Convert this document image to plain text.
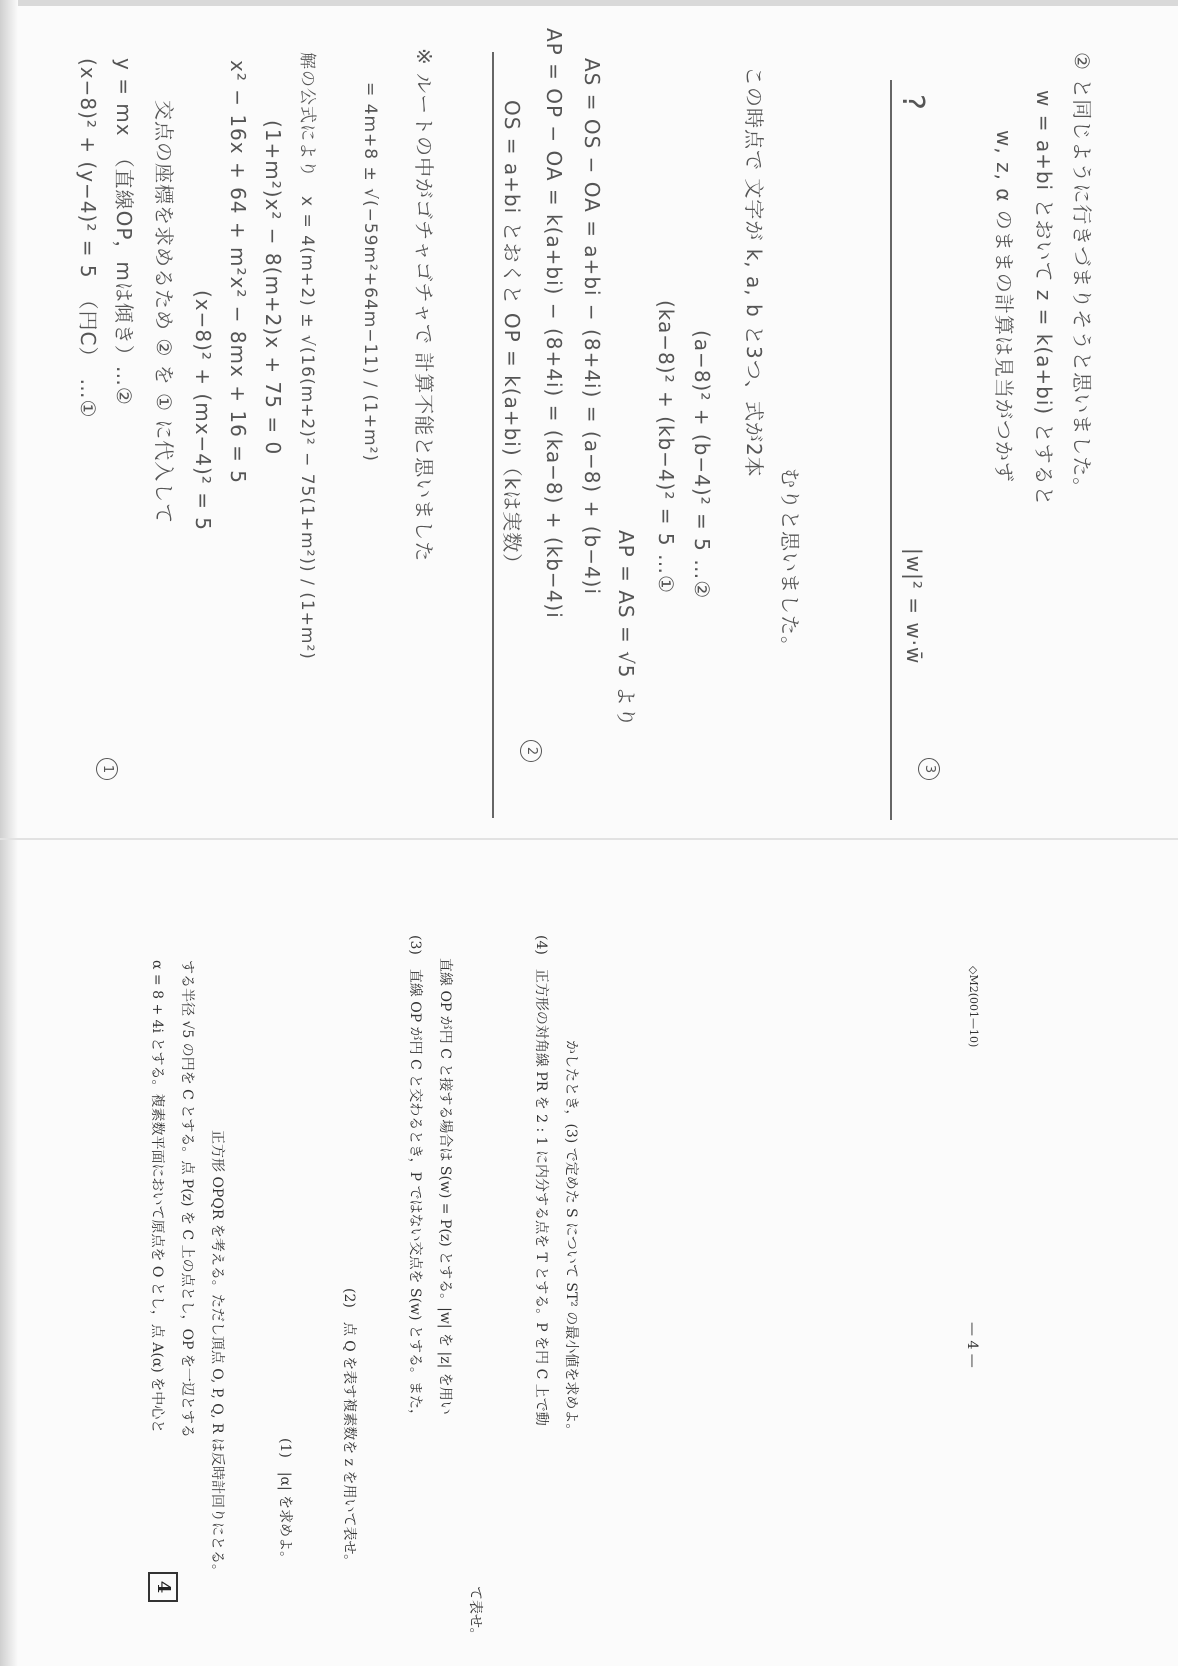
4
α = 8 + 4i とする。複素数平面において原点を O とし，点 A(α) を中心と する半径 √5 の円を C とする。点 P(z) を C 上の点とし，OP を一辺とする 正方形 OPQR を考える。ただし頂点 O, P, Q, R は反時計回りにとる。	(1)　|α| を求めよ。	(2)　点 Q を表す複素数を z を用いて表せ。
(3)　直線 OP が円 C と交わるとき，P ではない交点を S(w) とする。また， 直線 OP が円 C と接する場合は S(w) = P(z) とする。|w| を |z| を用い
て表せ。
(4)　正方形の対角線 PR を 2 : 1 に内分する点を T とする。P を円 C 上で動 かしたとき，(3) で定めた S について ST² の最小値を求めよ。	— 4 —
◇M2(001—10)
1
(x−8)² + (y−4)² = 5　（円C）　…① y = mx　（直線OP，mは傾き）…② 交点の座標を求めるため ② を ① に代入して (x−8)² + (mx−4)² = 5 x² − 16x + 64 + m²x² − 8mx + 16 = 5 (1+m²)x² − 8(m+2)x + 75 = 0 解の公式により　x = 4(m+2) ± √(16(m+2)² − 75(1+m²)) / (1+m²)	= 4m+8 ± √(−59m²+64m−11) / (1+m²) ※ ルートの中がゴチャゴチャで 計算不能と思いました
2
OS = a+bi とおくと OP = k(a+bi)（kは実数） AP = OP − OA = k(a+bi) − (8+4i) = (ka−8) + (kb−4)i AS = OS − OA = a+bi − (8+4i) = (a−8) + (b−4)i
AP = AS = √5 より
(ka−8)² + (kb−4)² = 5 …① (a−8)² + (b−4)² = 5 …② この時点で 文字が k, a, b と3つ、式が2本
むりと思いました。
?
3
|w|² = w·w̄
w, z, α のままの計算は見当がつかず w = a+bi とおいて z = k(a+bi) とすると ② と同じように行きづまりそうと思いました。
